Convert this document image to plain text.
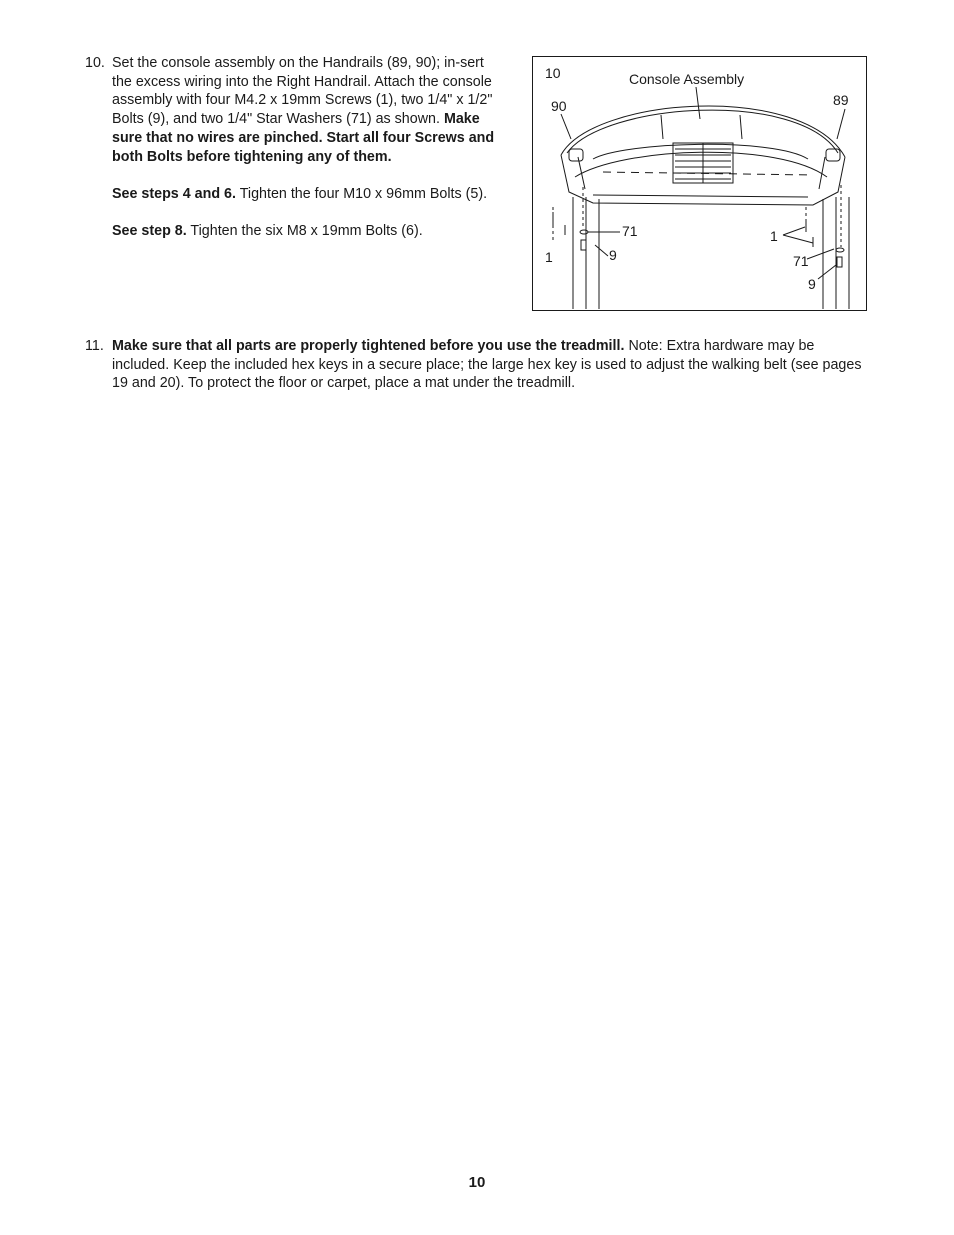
10. Set the console assembly on the Handrails (89, 90); in-sert the excess wiring into the Right Handrail. Attach the console assembly with four M4.2 x 19mm Screws (1), two 1/4" x 1/2" Bolts (9), and two 1/4" Star Washers (71) as shown. Make sure that no wires are pinched. Start all four Screws and both Bolts before tightening any of them.

See steps 4 and 6. Tighten the four M10 x 96mm Bolts (5).

See step 8. Tighten the six M8 x 19mm Bolts (6).

10	Console Assembly
90	89
71
1	9
1
71
9
11. Make sure that all parts are properly tightened before you use the treadmill. Note: Extra hardware may be included. Keep the included hex keys in a secure place; the large hex key is used to adjust the walking belt (see pages 19 and 20). To protect the floor or carpet, place a mat under the treadmill.

10
